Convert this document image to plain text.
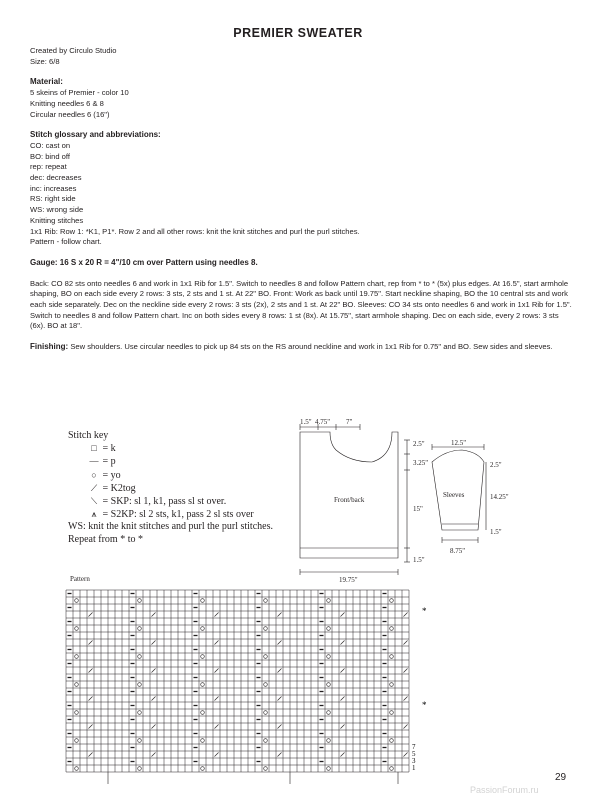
PREMIER SWEATER

Created by Circulo Studio

Size: 6/8

Material:

5 skeins of Premier - color 10

Knitting needles 6 & 8

Circular needles 6 (16")

Stitch glossary and abbreviations:

CO: cast on

BO: bind off

rep: repeat

dec: decreases

inc: increases

RS: right side

WS: wrong side

Knitting stitches

1x1 Rib: Row 1: *K1, P1*. Row 2 and all other rows: knit the knit stitches and purl the purl stitches.

Pattern - follow chart.

Gauge: 16 S x 20 R = 4"/10 cm over Pattern using needles 8.

Back: CO 82 sts onto needles 6 and work in 1x1 Rib for 1.5". Switch to needles 8 and follow Pattern chart, rep from * to * (5x) plus edges. At 16.5", start armhole

shaping, BO on each side every 2 rows: 3 sts, 2 sts and 1 st. At 22" BO. Front: Work as back until 19.75". Start neckline shaping, BO the 10 central sts and work

each side separately. Dec on the neckline side every 2 rows: 3 sts (2x), 2 sts and 1 st. At 22" BO. Sleeves: CO 34 sts onto needles 6 and work in 1x1 Rib for 1.5".

Switch to needles 8 and follow Pattern chart. Inc on both sides every 8 rows: 1 st (8x). At 15.75", start armhole shaping. Dec on each side, every 2 rows: 3 sts

(6x). BO at 18".

Finishing: Sew shoulders. Use circular needles to pick up 84 sts on the RS around neckline and work in 1x1 Rib for 0.75" and BO. Sew sides and sleeves.

Stitch key

□ = k

— = p

○ = yo

⟋ = K2tog

⟍ = SKP: sl 1, k1, pass sl st over.

⩚ = S2KP: sl 2 sts, k1, pass 2 sl sts over

WS: knit the knit stitches and purl the purl stitches.

Repeat from * to *

1.5" 4.75" 7"
2.5"
3.25"
15"
1.5"
19.75"
Front/back
12.5"
2.5"
14.25"
1.5"
8.75"
Sleeves
Pattern
*
*
7
5
3
1
29
PassionForum.ru
